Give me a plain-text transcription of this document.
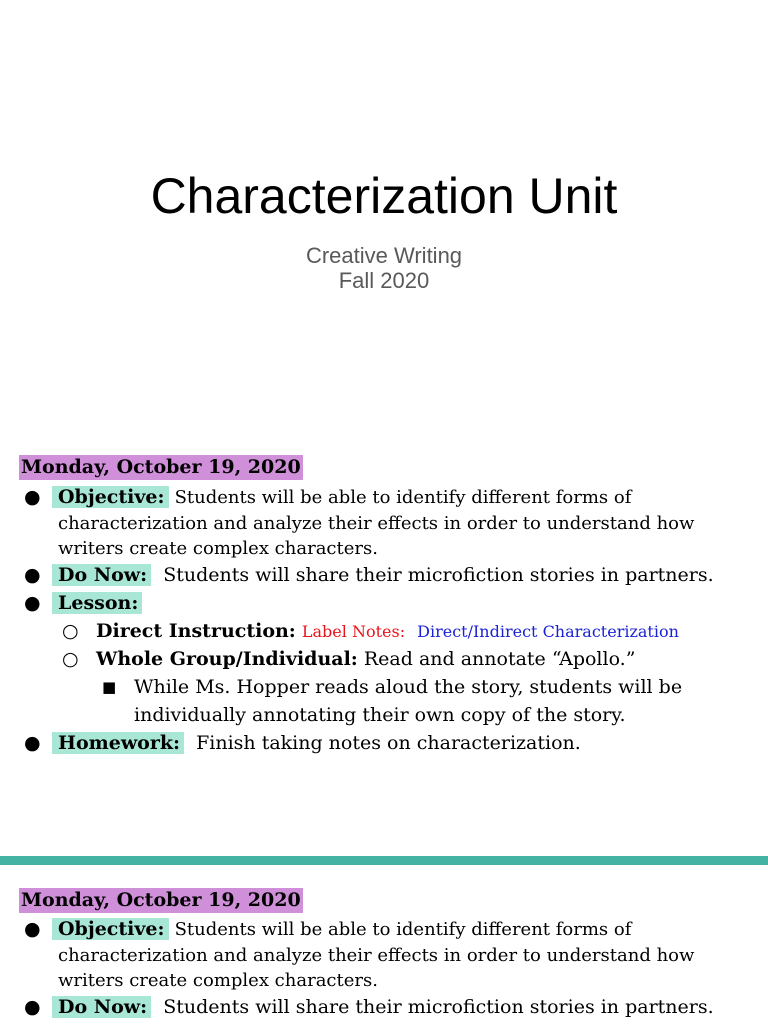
Characterization Unit
Creative Writing
Fall 2020
Monday, October 19, 2020
● Objective: Students will be able to identify different forms of
characterization and analyze their effects in order to understand how
writers create complex characters.
● Do Now: Students will share their microfiction stories in partners.
● Lesson:
○ Direct Instruction: Label Notes: Direct/Indirect Characterization
○ Whole Group/Individual: Read and annotate “Apollo.”
■ While Ms. Hopper reads aloud the story, students will be
individually annotating their own copy of the story.
● Homework: Finish taking notes on characterization.
Monday, October 19, 2020
● Objective: Students will be able to identify different forms of
characterization and analyze their effects in order to understand how
writers create complex characters.
● Do Now: Students will share their microfiction stories in partners.
